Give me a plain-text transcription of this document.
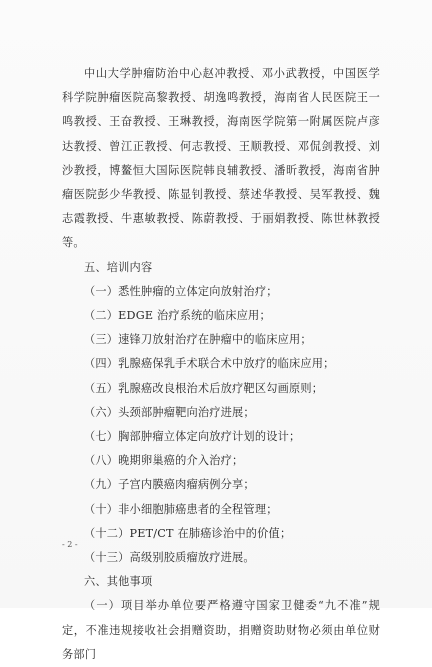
中山大学肿瘤防治中心赵冲教授、邓小武教授，中国医学科学院肿瘤医院高黎教授、胡逸鸣教授，海南省人民医院王一鸣教授、王奋教授、王琳教授，海南医学院第一附属医院卢彦达教授、曾江正教授、何志教授、王顺教授、邓侃剑教授、刘沙教授，博鳌恒大国际医院韩良辅教授、潘昕教授，海南省肿瘤医院彭少华教授、陈显钊教授、蔡述华教授、吴军教授、魏志霞教授、牛惠敏教授、陈蔚教授、于丽娟教授、陈世林教授等。

五、培训内容

（一）悉性肿瘤的立体定向放射治疗；

（二）EDGE 治疗系统的临床应用；

（三）速锋刀放射治疗在肿瘤中的临床应用；

（四）乳腺癌保乳手术联合术中放疗的临床应用；

（五）乳腺癌改良根治术后放疗靶区勾画原则；

（六）头颈部肿瘤靶向治疗进展；

（七）胸部肿瘤立体定向放疗计划的设计；

（八）晚期卵巢癌的介入治疗；

（九）子宫内膜癌肉瘤病例分享；

（十）非小细胞肺癌患者的全程管理；

（十二）PET/CT 在肺癌诊治中的价值；

（十三）高级别胶质瘤放疗进展。

六、其他事项

（一）项目举办单位要严格遵守国家卫健委“九不准”规定，不准违规接收社会捐赠资助，捐赠资助财物必须由单位财务部门

- 2 -
